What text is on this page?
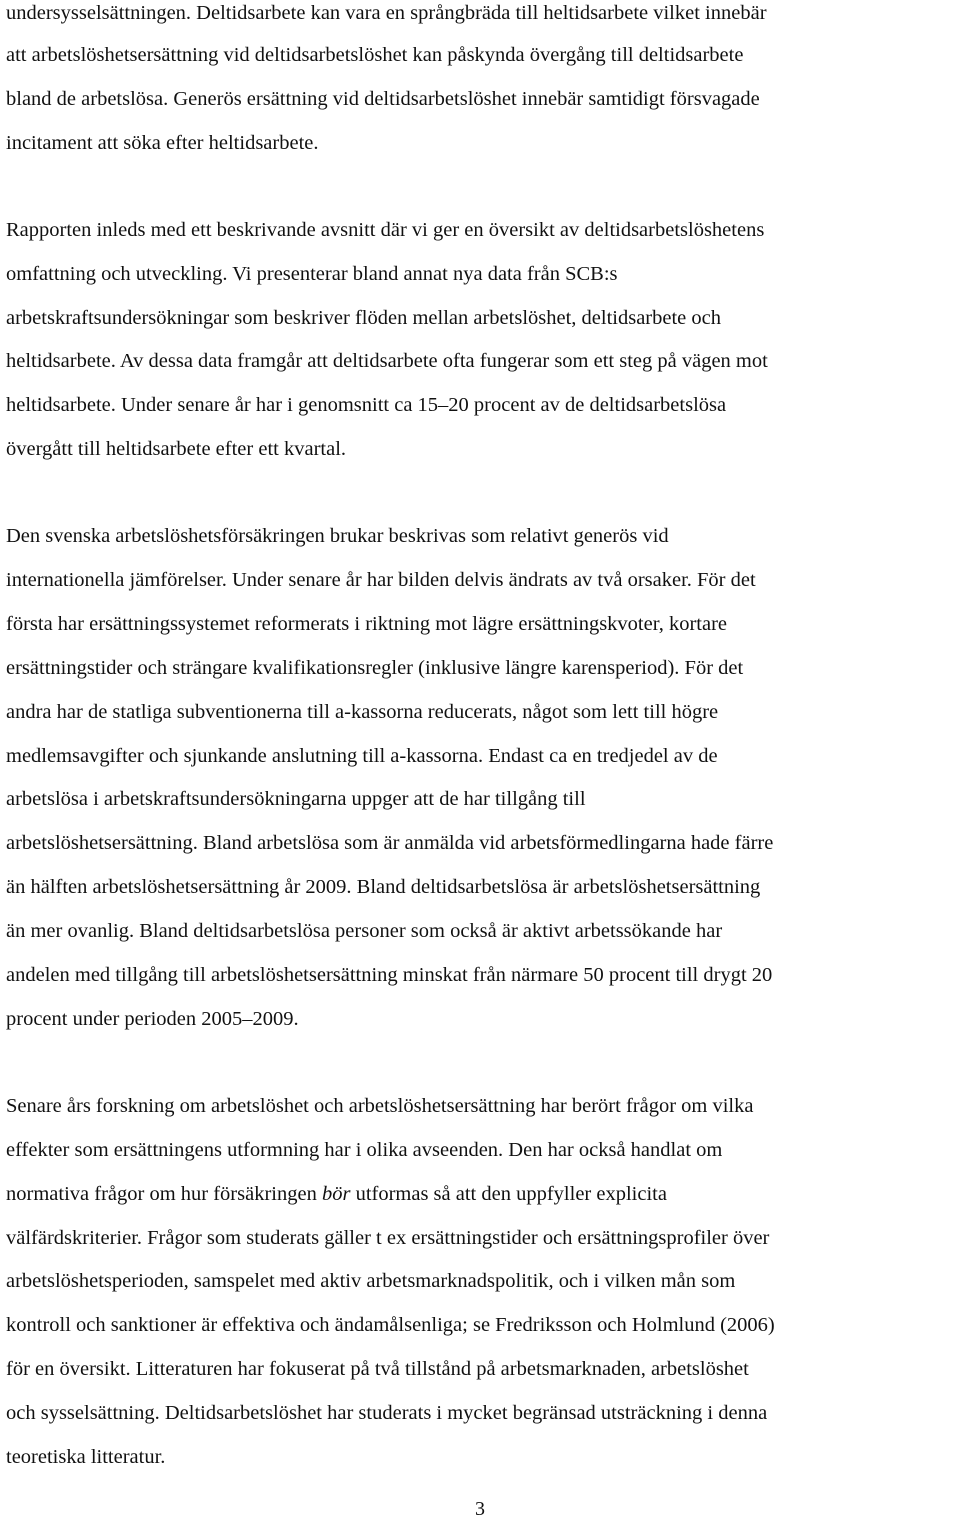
undersysselsättningen. Deltidsarbete kan vara en språngbräda till heltidsarbete vilket innebär
att arbetslöshetsersättning vid deltidsarbetslöshet kan påskynda övergång till deltidsarbete
bland de arbetslösa. Generös ersättning vid deltidsarbetslöshet innebär samtidigt försvagade
incitament att söka efter heltidsarbete.
Rapporten inleds med ett beskrivande avsnitt där vi ger en översikt av deltidsarbetslöshetens
omfattning och utveckling. Vi presenterar bland annat nya data från SCB:s
arbetskraftsundersökningar som beskriver flöden mellan arbetslöshet, deltidsarbete och
heltidsarbete. Av dessa data framgår att deltidsarbete ofta fungerar som ett steg på vägen mot
heltidsarbete. Under senare år har i genomsnitt ca 15–20 procent av de deltidsarbetslösa
övergått till heltidsarbete efter ett kvartal.
Den svenska arbetslöshetsförsäkringen brukar beskrivas som relativt generös vid
internationella jämförelser. Under senare år har bilden delvis ändrats av två orsaker. För det
första har ersättningssystemet reformerats i riktning mot lägre ersättningskvoter, kortare
ersättningstider och strängare kvalifikationsregler (inklusive längre karensperiod). För det
andra har de statliga subventionerna till a-kassorna reducerats, något som lett till högre
medlemsavgifter och sjunkande anslutning till a-kassorna. Endast ca en tredjedel av de
arbetslösa i arbetskraftsundersökningarna uppger att de har tillgång till
arbetslöshetsersättning. Bland arbetslösa som är anmälda vid arbetsförmedlingarna hade färre
än hälften arbetslöshetsersättning år 2009. Bland deltidsarbetslösa är arbetslöshetsersättning
än mer ovanlig. Bland deltidsarbetslösa personer som också är aktivt arbetssökande har
andelen med tillgång till arbetslöshetsersättning minskat från närmare 50 procent till drygt 20
procent under perioden 2005–2009.
Senare års forskning om arbetslöshet och arbetslöshetsersättning har berört frågor om vilka
effekter som ersättningens utformning har i olika avseenden. Den har också handlat om
normativa frågor om hur försäkringen bör utformas så att den uppfyller explicita
välfärdskriterier. Frågor som studerats gäller t ex ersättningstider och ersättningsprofiler över
arbetslöshetsperioden, samspelet med aktiv arbetsmarknadspolitik, och i vilken mån som
kontroll och sanktioner är effektiva och ändamålsenliga; se Fredriksson och Holmlund (2006)
för en översikt. Litteraturen har fokuserat på två tillstånd på arbetsmarknaden, arbetslöshet
och sysselsättning. Deltidsarbetslöshet har studerats i mycket begränsad utsträckning i denna
teoretiska litteratur.
3
